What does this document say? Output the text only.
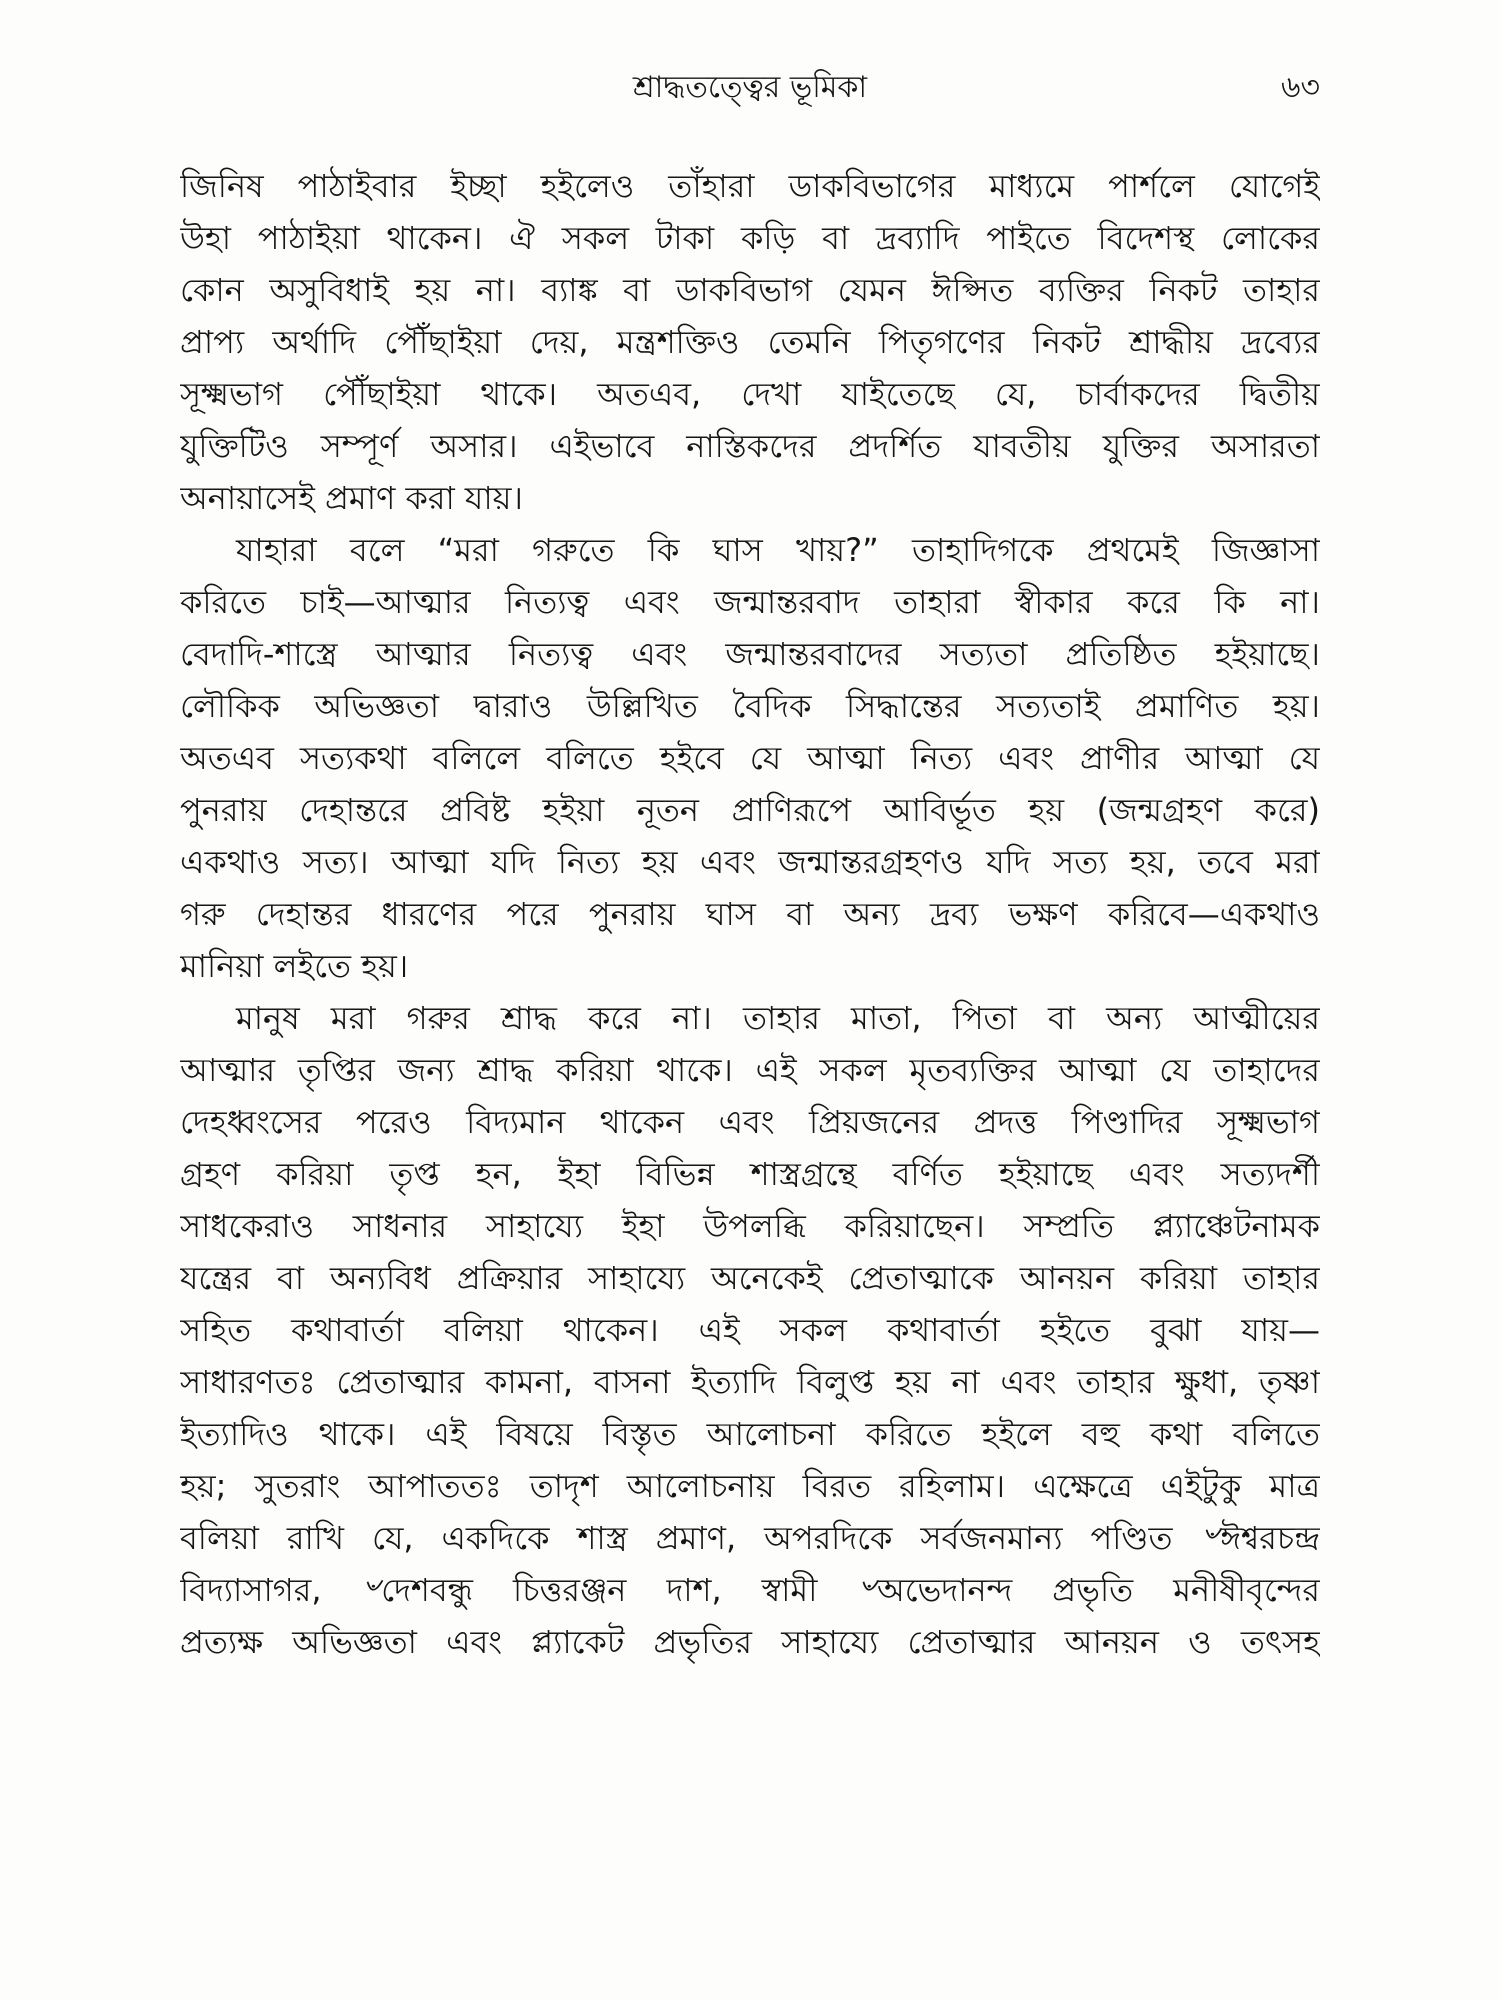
শ্রাদ্ধতত্ত্বের ভূমিকা	৬৩

জিনিষ পাঠাইবার ইচ্ছা হইলেও তাঁহারা ডাকবিভাগের মাধ্যমে পার্শলে যোগেই
উহা পাঠাইয়া থাকেন। ঐ সকল টাকা কড়ি বা দ্রব্যাদি পাইতে বিদেশস্থ লোকের
কোন অসুবিধাই হয় না। ব্যাঙ্ক বা ডাকবিভাগ যেমন ঈপ্সিত ব্যক্তির নিকট তাহার
প্রাপ্য অর্থাদি পৌঁছাইয়া দেয়, মন্ত্রশক্তিও তেমনি পিতৃগণের নিকট শ্রাদ্ধীয় দ্রব্যের
সূক্ষ্মভাগ পৌঁছাইয়া থাকে। অতএব, দেখা যাইতেছে যে, চার্বাকদের দ্বিতীয়
যুক্তিটিও সম্পূর্ণ অসার। এইভাবে নাস্তিকদের প্রদর্শিত যাবতীয় যুক্তির অসারতা
অনায়াসেই প্রমাণ করা যায়।

যাহারা বলে “মরা গরুতে কি ঘাস খায়?” তাহাদিগকে প্রথমেই জিজ্ঞাসা
করিতে চাই—আত্মার নিত্যত্ব এবং জন্মান্তরবাদ তাহারা স্বীকার করে কি না।
বেদাদি-শাস্ত্রে আত্মার নিত্যত্ব এবং জন্মান্তরবাদের সত্যতা প্রতিষ্ঠিত হইয়াছে।
লৌকিক অভিজ্ঞতা দ্বারাও উল্লিখিত বৈদিক সিদ্ধান্তের সত্যতাই প্রমাণিত হয়।
অতএব সত্যকথা বলিলে বলিতে হইবে যে আত্মা নিত্য এবং প্রাণীর আত্মা যে
পুনরায় দেহান্তরে প্রবিষ্ট হইয়া নূতন প্রাণিরূপে আবির্ভূত হয় (জন্মগ্রহণ করে)
একথাও সত্য। আত্মা যদি নিত্য হয় এবং জন্মান্তরগ্রহণও যদি সত্য হয়, তবে মরা
গরু দেহান্তর ধারণের পরে পুনরায় ঘাস বা অন্য দ্রব্য ভক্ষণ করিবে—একথাও
মানিয়া লইতে হয়।

মানুষ মরা গরুর শ্রাদ্ধ করে না। তাহার মাতা, পিতা বা অন্য আত্মীয়ের
আত্মার তৃপ্তির জন্য শ্রাদ্ধ করিয়া থাকে। এই সকল মৃতব্যক্তির আত্মা যে তাহাদের
দেহধ্বংসের পরেও বিদ্যমান থাকেন এবং প্রিয়জনের প্রদত্ত পিণ্ডাদির সূক্ষ্মভাগ
গ্রহণ করিয়া তৃপ্ত হন, ইহা বিভিন্ন শাস্ত্রগ্রন্থে বর্ণিত হইয়াছে এবং সত্যদর্শী
সাধকেরাও সাধনার সাহায্যে ইহা উপলব্ধি করিয়াছেন। সম্প্রতি প্ল্যাঞ্চেটনামক
যন্ত্রের বা অন্যবিধ প্রক্রিয়ার সাহায্যে অনেকেই প্রেতাত্মাকে আনয়ন করিয়া তাহার
সহিত কথাবার্তা বলিয়া থাকেন। এই সকল কথাবার্তা হইতে বুঝা যায়—
সাধারণতঃ প্রেতাত্মার কামনা, বাসনা ইত্যাদি বিলুপ্ত হয় না এবং তাহার ক্ষুধা, তৃষ্ণা
ইত্যাদিও থাকে। এই বিষয়ে বিস্তৃত আলোচনা করিতে হইলে বহু কথা বলিতে
হয়; সুতরাং আপাততঃ তাদৃশ আলোচনায় বিরত রহিলাম। এক্ষেত্রে এইটুকু মাত্র
বলিয়া রাখি যে, একদিকে শাস্ত্র প্রমাণ, অপরদিকে সর্বজনমান্য পণ্ডিত ৺ঈশ্বরচন্দ্র
বিদ্যাসাগর, ৺দেশবন্ধু চিত্তরঞ্জন দাশ, স্বামী ৺অভেদানন্দ প্রভৃতি মনীষীবৃন্দের
প্রত্যক্ষ অভিজ্ঞতা এবং প্ল্যাকেট প্রভৃতির সাহায্যে প্রেতাত্মার আনয়ন ও তৎসহ
